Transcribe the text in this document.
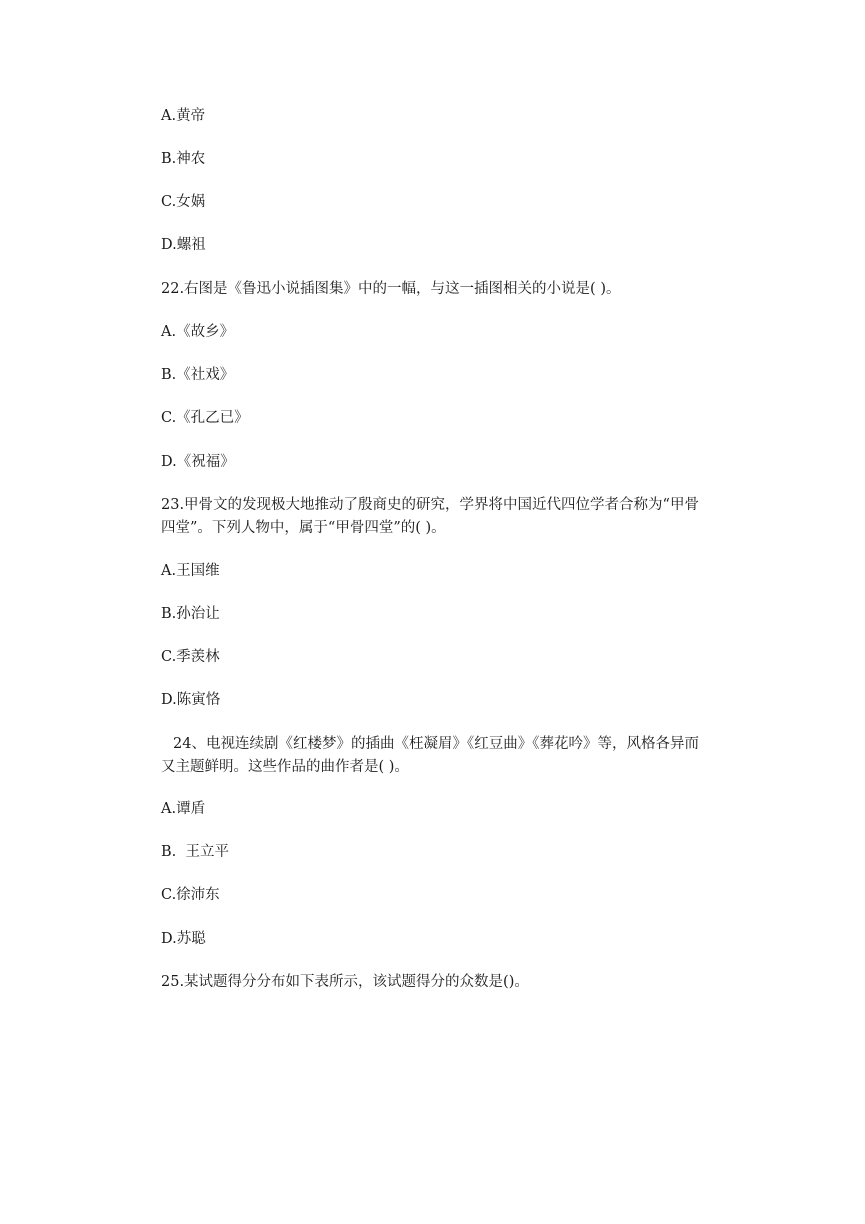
A.黄帝

B.神农

C.女娲

D.螺祖

22.右图是《鲁迅小说插图集》中的一幅，与这一插图相关的小说是( )。

A.《故乡》

B.《社戏》

C.《孔乙已》

D.《祝福》

23.甲骨文的发现极大地推动了殷商史的研究，学界将中国近代四位学者合称为“甲骨

四堂”。下列人物中，属于“甲骨四堂”的( )。

A.王国维

B.孙治让

C.季羡林

D.陈寅恪

24、电视连续剧《红楼梦》的插曲《枉凝眉》《红豆曲》《葬花吟》等，风格各异而

又主题鲜明。这些作品的曲作者是( )。

A.谭盾

B.  王立平

C.徐沛东

D.苏聪

25.某试题得分分布如下表所示，该试题得分的众数是()。
